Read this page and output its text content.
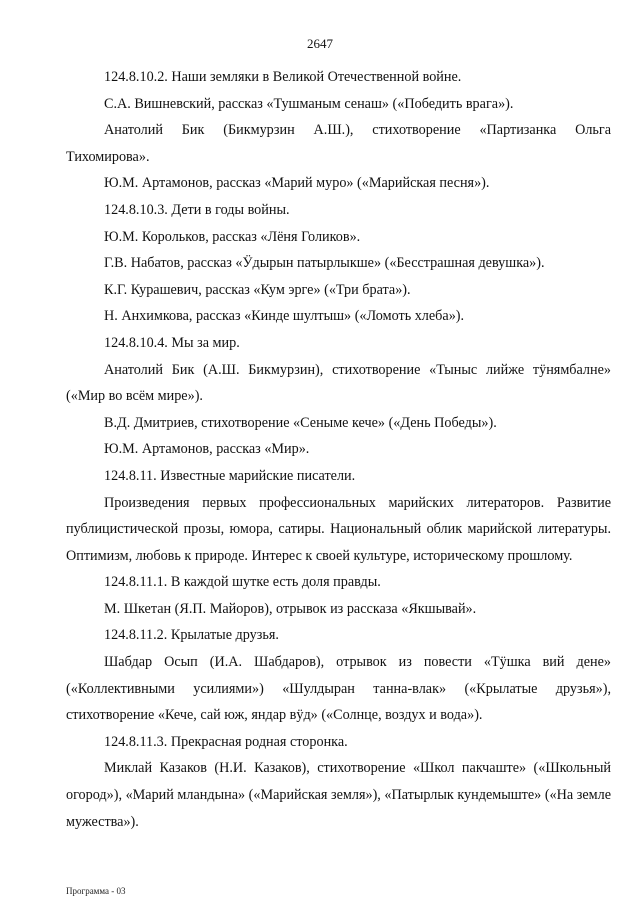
2647

124.8.10.2. Наши земляки в Великой Отечественной войне.

С.А. Вишневский, рассказ «Тушманым сенаш» («Победить врага»).

Анатолий Бик (Бикмурзин А.Ш.), стихотворение «Партизанка Ольга Тихомирова».

Ю.М. Артамонов, рассказ «Марий муро» («Марийская песня»).

124.8.10.3. Дети в годы войны.

Ю.М. Корольков, рассказ «Лёня Голиков».

Г.В. Набатов, рассказ «Ӱдырын патырлыкше» («Бесстрашная девушка»).

К.Г. Курашевич, рассказ «Кум эрге» («Три брата»).

Н. Анхимкова, рассказ «Кинде шултыш» («Ломоть хлеба»).

124.8.10.4. Мы за мир.

Анатолий Бик (А.Ш. Бикмурзин), стихотворение «Тыныс лийже тӱнямбалне» («Мир во всём мире»).

В.Д. Дмитриев, стихотворение «Сеныме кече» («День Победы»).

Ю.М. Артамонов, рассказ «Мир».

124.8.11. Известные марийские писатели.

Произведения первых профессиональных марийских литераторов. Развитие публицистической прозы, юмора, сатиры. Национальный облик марийской литературы. Оптимизм, любовь к природе. Интерес к своей культуре, историческому прошлому.

124.8.11.1. В каждой шутке есть доля правды.

М. Шкетан (Я.П. Майоров), отрывок из рассказа «Якшывай».

124.8.11.2. Крылатые друзья.

Шабдар Осып (И.А. Шабдаров), отрывок из повести «Тӱшка вий дене» («Коллективными усилиями») «Шулдыран танна-влак» («Крылатые друзья»), стихотворение «Кече, сай юж, яндар вӱд» («Солнце, воздух и вода»).

124.8.11.3. Прекрасная родная сторонка.

Миклай Казаков (Н.И. Казаков), стихотворение «Школ пакчаште» («Школьный огород»), «Марий мландына» («Марийская земля»), «Патырлык кундемыште» («На земле мужества»).

Программа - 03
